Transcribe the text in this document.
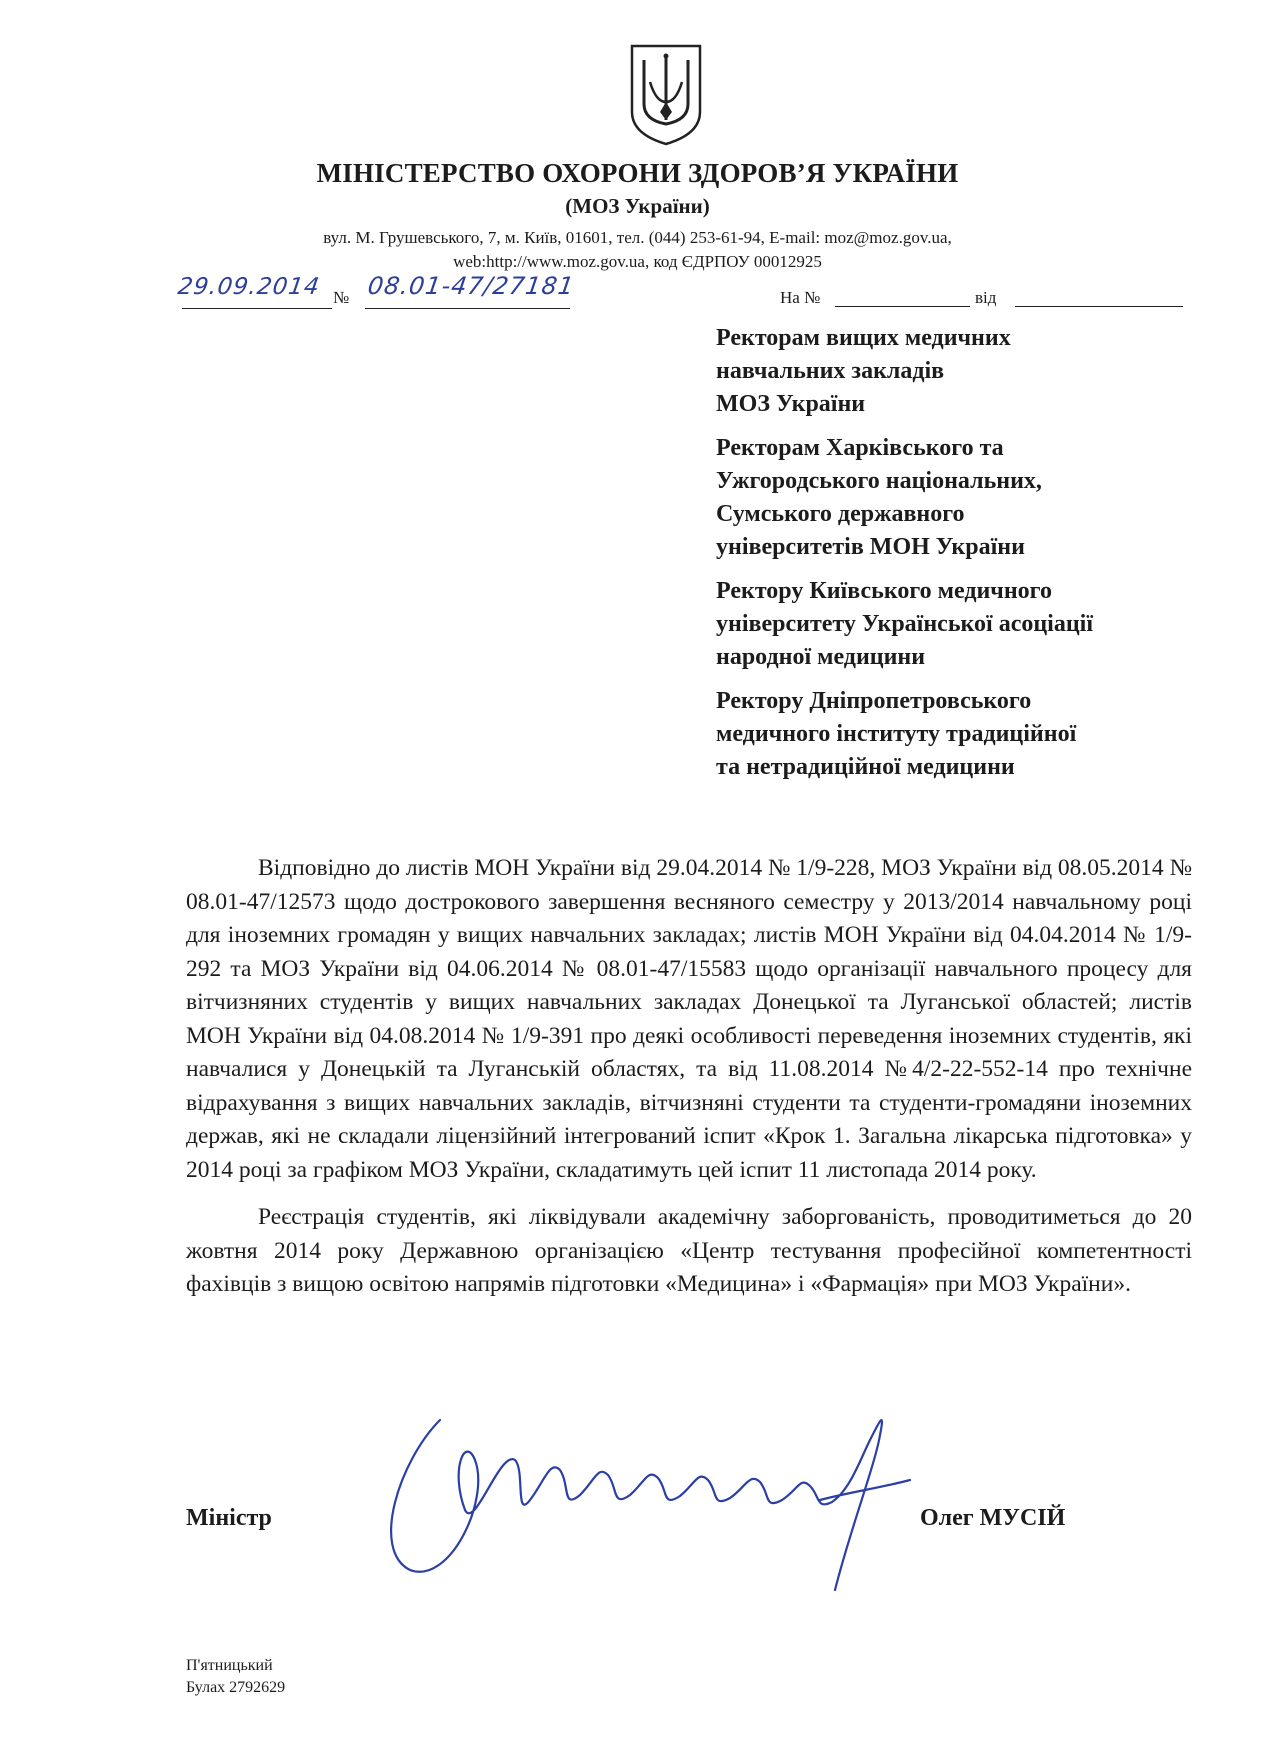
МІНІСТЕРСТВО ОХОРОНИ ЗДОРОВ’Я УКРАЇНИ
(МОЗ України)
вул. М. Грушевського, 7, м. Київ, 01601, тел. (044) 253-61-94, E-mail: moz@moz.gov.ua,
web:http://www.moz.gov.ua, код ЄДРПОУ 00012925
29.09.2014 № 08.01-47/27181	На №	від
Ректорам вищих медичних
навчальних закладів
МОЗ України
Ректорам Харківського та
Ужгородського національних,
Сумського державного
університетів МОН України
Ректору Київського медичного
університету Української асоціації
народної медицини
Ректору Дніпропетровського
медичного інституту традиційної
та нетрадиційної медицини

Відповідно до листів МОН України від 29.04.2014 № 1/9-228, МОЗ України від 08.05.2014 № 08.01-47/12573 щодо дострокового завершення весняного семестру у 2013/2014 навчальному році для іноземних громадян у вищих навчальних закладах; листів МОН України від 04.04.2014 № 1/9-292 та МОЗ України від 04.06.2014 № 08.01-47/15583 щодо організації навчального процесу для вітчизняних студентів у вищих навчальних закладах Донецької та Луганської областей; листів МОН України від 04.08.2014 № 1/9-391 про деякі особливості переведення іноземних студентів, які навчалися у Донецькій та Луганській областях, та від 11.08.2014 №4/2-22-552-14 про технічне відрахування з вищих навчальних закладів, вітчизняні студенти та студенти-громадяни іноземних держав, які не складали ліцензійний інтегрований іспит «Крок 1. Загальна лікарська підготовка» у 2014 році за графіком МОЗ України, складатимуть цей іспит 11 листопада 2014 року.

Реєстрація студентів, які ліквідували академічну заборгованість, проводитиметься до 20 жовтня 2014 року Державною організацією «Центр тестування професійної компетентності фахівців з вищою освітою напрямів підготовки «Медицина» і «Фармація» при МОЗ України».

Міністр	Олег МУСІЙ
П'ятницький
Булах 2792629
